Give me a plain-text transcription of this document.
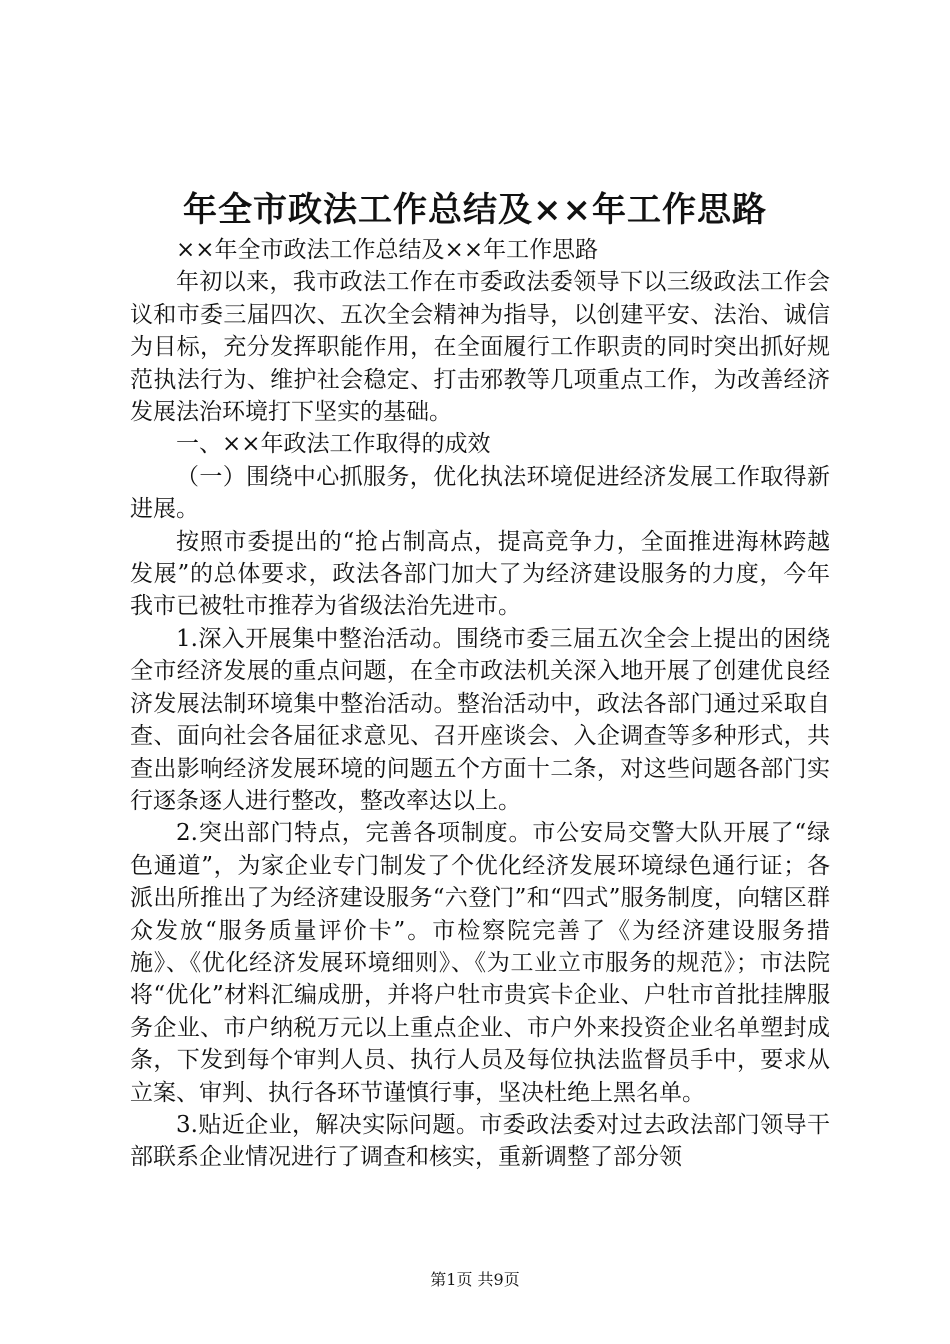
年全市政法工作总结及××年工作思路

××年全市政法工作总结及××年工作思路

年初以来，我市政法工作在市委政法委领导下以三级政法工作会议和市委三届四次、五次全会精神为指导，以创建平安、法治、诚信为目标，充分发挥职能作用，在全面履行工作职责的同时突出抓好规范执法行为、维护社会稳定、打击邪教等几项重点工作，为改善经济发展法治环境打下坚实的基础。

一、××年政法工作取得的成效

（一）围绕中心抓服务，优化执法环境促进经济发展工作取得新进展。

按照市委提出的“抢占制高点，提高竞争力，全面推进海林跨越发展”的总体要求，政法各部门加大了为经济建设服务的力度，今年我市已被牡市推荐为省级法治先进市。

1.深入开展集中整治活动。围绕市委三届五次全会上提出的困绕全市经济发展的重点问题，在全市政法机关深入地开展了创建优良经济发展法制环境集中整治活动。整治活动中，政法各部门通过采取自查、面向社会各届征求意见、召开座谈会、入企调查等多种形式，共查出影响经济发展环境的问题五个方面十二条，对这些问题各部门实行逐条逐人进行整改，整改率达以上。

2.突出部门特点，完善各项制度。市公安局交警大队开展了“绿色通道”，为家企业专门制发了个优化经济发展环境绿色通行证；各派出所推出了为经济建设服务“六登门”和“四式”服务制度，向辖区群众发放“服务质量评价卡”。市检察院完善了《为经济建设服务措施》、《优化经济发展环境细则》、《为工业立市服务的规范》；市法院将“优化”材料汇编成册，并将户牡市贵宾卡企业、户牡市首批挂牌服务企业、市户纳税万元以上重点企业、市户外来投资企业名单塑封成条，下发到每个审判人员、执行人员及每位执法监督员手中，要求从立案、审判、执行各环节谨慎行事，坚决杜绝上黑名单。

3.贴近企业，解决实际问题。市委政法委对过去政法部门领导干部联系企业情况进行了调查和核实，重新调整了部分领

第1页 共9页
